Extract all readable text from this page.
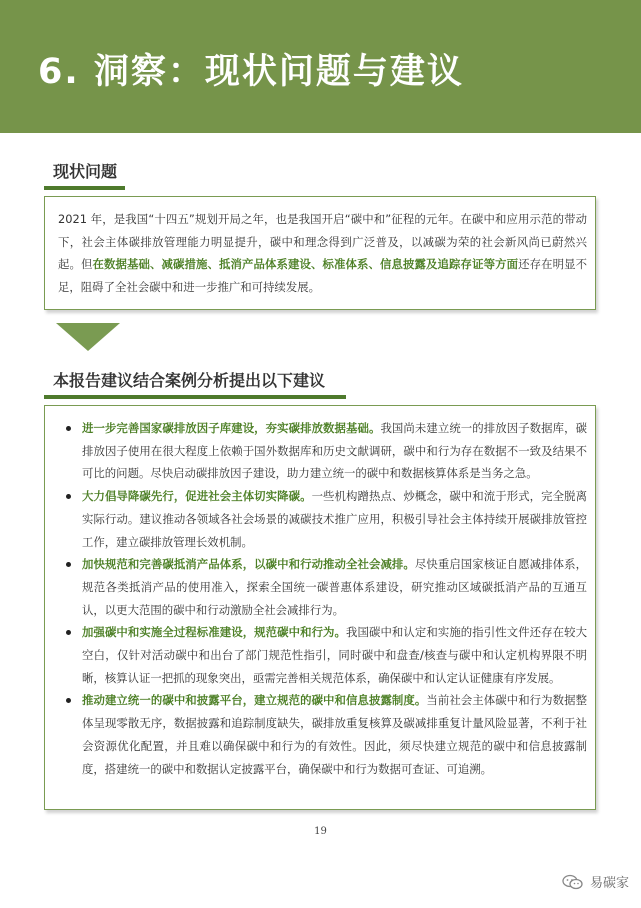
6. 洞察：现状问题与建议
现状问题

2021 年，是我国“十四五”规划开局之年，也是我国开启“碳中和”征程的元年。在碳中和应用示范的带动下，社会主体碳排放管理能力明显提升，碳中和理念得到广泛普及，以减碳为荣的社会新风尚已蔚然兴起。但在数据基础、减碳措施、抵消产品体系建设、标准体系、信息披露及追踪存证等方面还存在明显不足，阻碍了全社会碳中和进一步推广和可持续发展。

本报告建议结合案例分析提出以下建议
进一步完善国家碳排放因子库建设，夯实碳排放数据基础。我国尚未建立统一的排放因子数据库，碳排放因子使用在很大程度上依赖于国外数据库和历史文献调研，碳中和行为存在数据不一致及结果不可比的问题。尽快启动碳排放因子建设，助力建立统一的碳中和数据核算体系是当务之急。
大力倡导降碳先行，促进社会主体切实降碳。一些机构蹭热点、炒概念，碳中和流于形式，完全脱离实际行动。建议推动各领域各社会场景的减碳技术推广应用，积极引导社会主体持续开展碳排放管控工作，建立碳排放管理长效机制。
加快规范和完善碳抵消产品体系，以碳中和行动推动全社会减排。尽快重启国家核证自愿减排体系，规范各类抵消产品的使用准入，探索全国统一碳普惠体系建设，研究推动区域碳抵消产品的互通互认，以更大范围的碳中和行动激励全社会减排行为。
加强碳中和实施全过程标准建设，规范碳中和行为。我国碳中和认定和实施的指引性文件还存在较大空白，仅针对活动碳中和出台了部门规范性指引，同时碳中和盘查/核查与碳中和认定机构界限不明晰，核算认证一把抓的现象突出，亟需完善相关规范体系，确保碳中和认定认证健康有序发展。
推动建立统一的碳中和披露平台，建立规范的碳中和信息披露制度。当前社会主体碳中和行为数据整体呈现零散无序，数据披露和追踪制度缺失，碳排放重复核算及碳减排重复计量风险显著，不利于社会资源优化配置，并且难以确保碳中和行为的有效性。因此，须尽快建立规范的碳中和信息披露制度，搭建统一的碳中和数据认定披露平台，确保碳中和行为数据可查证、可追溯。
19
易碳家
